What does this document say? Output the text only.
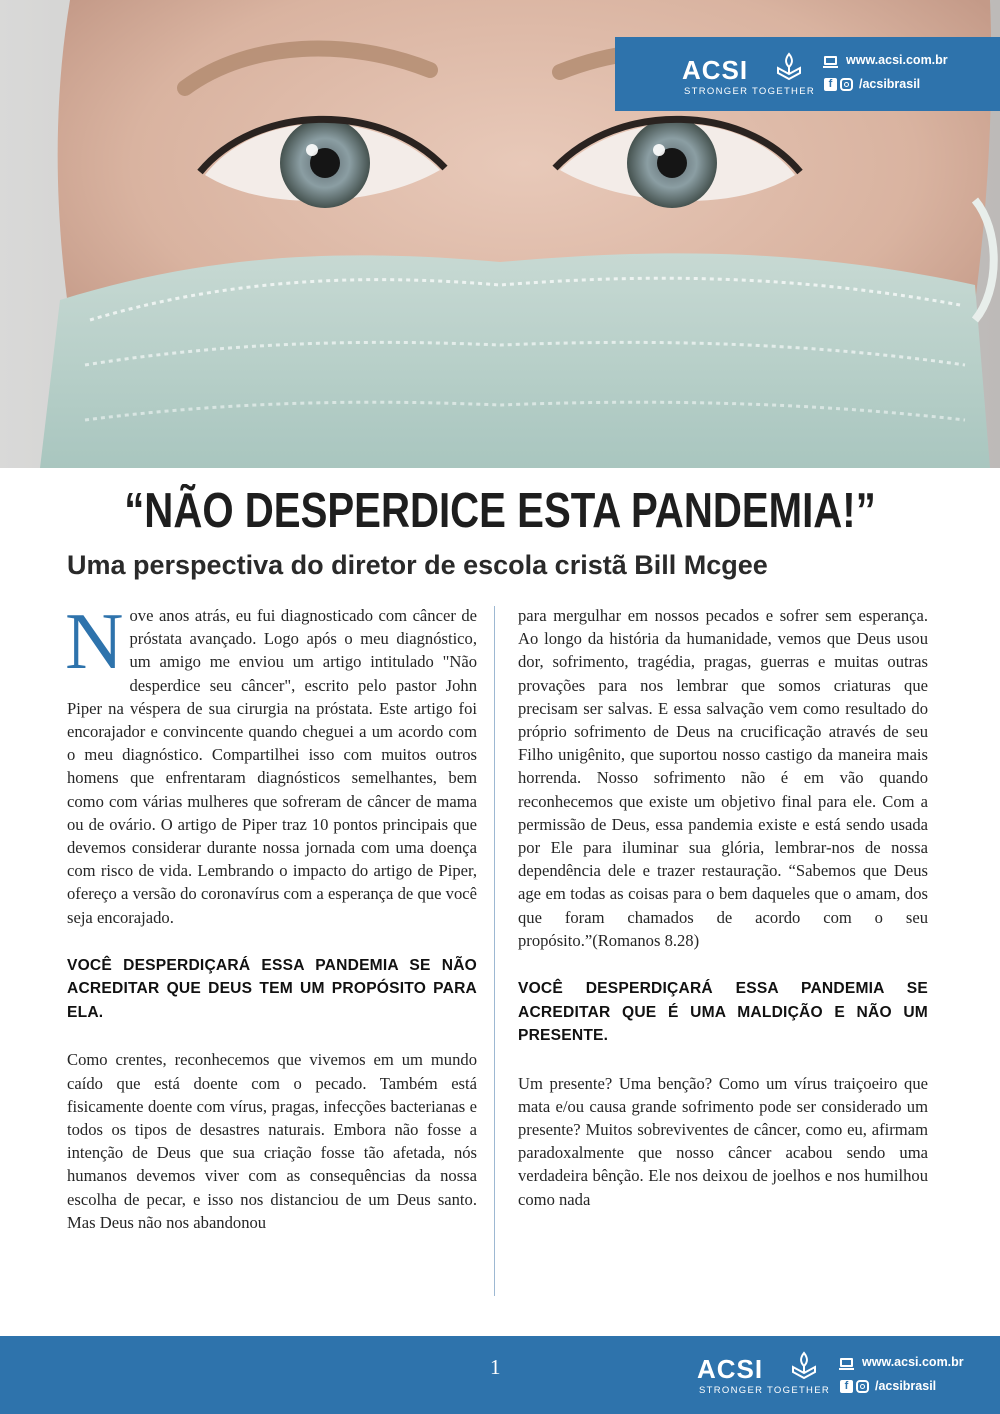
ACSI
STRONGER TOGETHER
www.acsi.com.br
f	/acsibrasil
“NÃO DESPERDICE ESTA PANDEMIA!”
Uma perspectiva do diretor de escola cristã Bill Mcgee

Nove anos atrás, eu fui diagnosticado com câncer de próstata avançado. Logo após o meu diagnóstico, um amigo me enviou um artigo intitulado "Não desperdice seu câncer", escrito pelo pastor John Piper na véspera de sua cirurgia na próstata. Este artigo foi encorajador e convincente quando cheguei a um acordo com o meu diagnóstico. Compartilhei isso com muitos outros homens que enfrentaram diagnósticos semelhantes, bem como com várias mulheres que sofreram de câncer de mama ou de ovário. O artigo de Piper traz 10 pontos principais que devemos considerar durante nossa jornada com uma doença com risco de vida. Lembrando o impacto do artigo de Piper, ofereço a versão do coronavírus com a esperança de que você seja encorajado.

VOCÊ DESPERDIÇARÁ ESSA PANDEMIA SE NÃO ACREDITAR QUE DEUS TEM UM PROPÓSITO PARA ELA.

Como crentes, reconhecemos que vivemos em um mundo caído que está doente com o pecado. Também está fisicamente doente com vírus, pragas, infecções bacterianas e todos os tipos de desastres naturais. Embora não fosse a intenção de Deus que sua criação fosse tão afetada, nós humanos devemos viver com as consequências da nossa escolha de pecar, e isso nos distanciou de um Deus santo. Mas Deus não nos abandonou

para mergulhar em nossos pecados e sofrer sem esperança. Ao longo da história da humanidade, vemos que Deus usou dor, sofrimento, tragédia, pragas, guerras e muitas outras provações para nos lembrar que somos criaturas que precisam ser salvas. E essa salvação vem como resultado do próprio sofrimento de Deus na crucificação através de seu Filho unigênito, que suportou nosso castigo da maneira mais horrenda. Nosso sofrimento não é em vão quando reconhecemos que existe um objetivo final para ele. Com a permissão de Deus, essa pandemia existe e está sendo usada por Ele para iluminar sua glória, lembrar-nos de nossa dependência dele e trazer restauração. “Sabemos que Deus age em todas as coisas para o bem daqueles que o amam, dos que foram chamados de acordo com o seu propósito.”(Romanos 8.28)

VOCÊ DESPERDIÇARÁ ESSA PANDEMIA SE ACREDITAR QUE É UMA MALDIÇÃO E NÃO UM PRESENTE.

Um presente? Uma benção? Como um vírus traiçoeiro que mata e/ou causa grande sofrimento pode ser considerado um presente? Muitos sobreviventes de câncer, como eu, afirmam paradoxalmente que nosso câncer acabou sendo uma verdadeira bênção. Ele nos deixou de joelhos e nos humilhou como nada

1	ACSI
STRONGER TOGETHER
www.acsi.com.br
f	/acsibrasil
